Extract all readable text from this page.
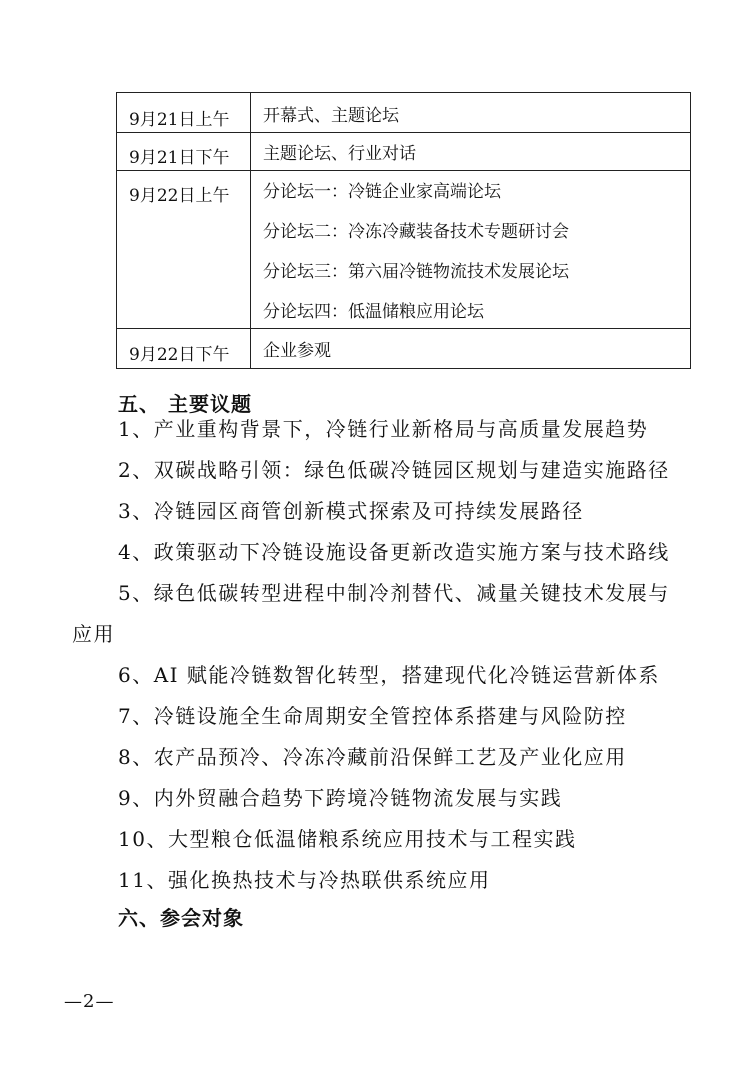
9月21日上午	开幕式、主题论坛

9月21日下午	主题论坛、行业对话

9月22日上午	分论坛一：冷链企业家高端论坛
分论坛二：冷冻冷藏装备技术专题研讨会
分论坛三：第六届冷链物流技术发展论坛
分论坛四：低温储粮应用论坛

9月22日下午	企业参观
五、 主要议题
1、产业重构背景下，冷链行业新格局与高质量发展趋势
2、双碳战略引领：绿色低碳冷链园区规划与建造实施路径
3、冷链园区商管创新模式探索及可持续发展路径
4、政策驱动下冷链设施设备更新改造实施方案与技术路线
5、绿色低碳转型进程中制冷剂替代、减量关键技术发展与
应用
6、AI 赋能冷链数智化转型，搭建现代化冷链运营新体系
7、冷链设施全生命周期安全管控体系搭建与风险防控
8、农产品预冷、冷冻冷藏前沿保鲜工艺及产业化应用
9、内外贸融合趋势下跨境冷链物流发展与实践
10、大型粮仓低温储粮系统应用技术与工程实践
11、强化换热技术与冷热联供系统应用
六、参会对象
—2—
